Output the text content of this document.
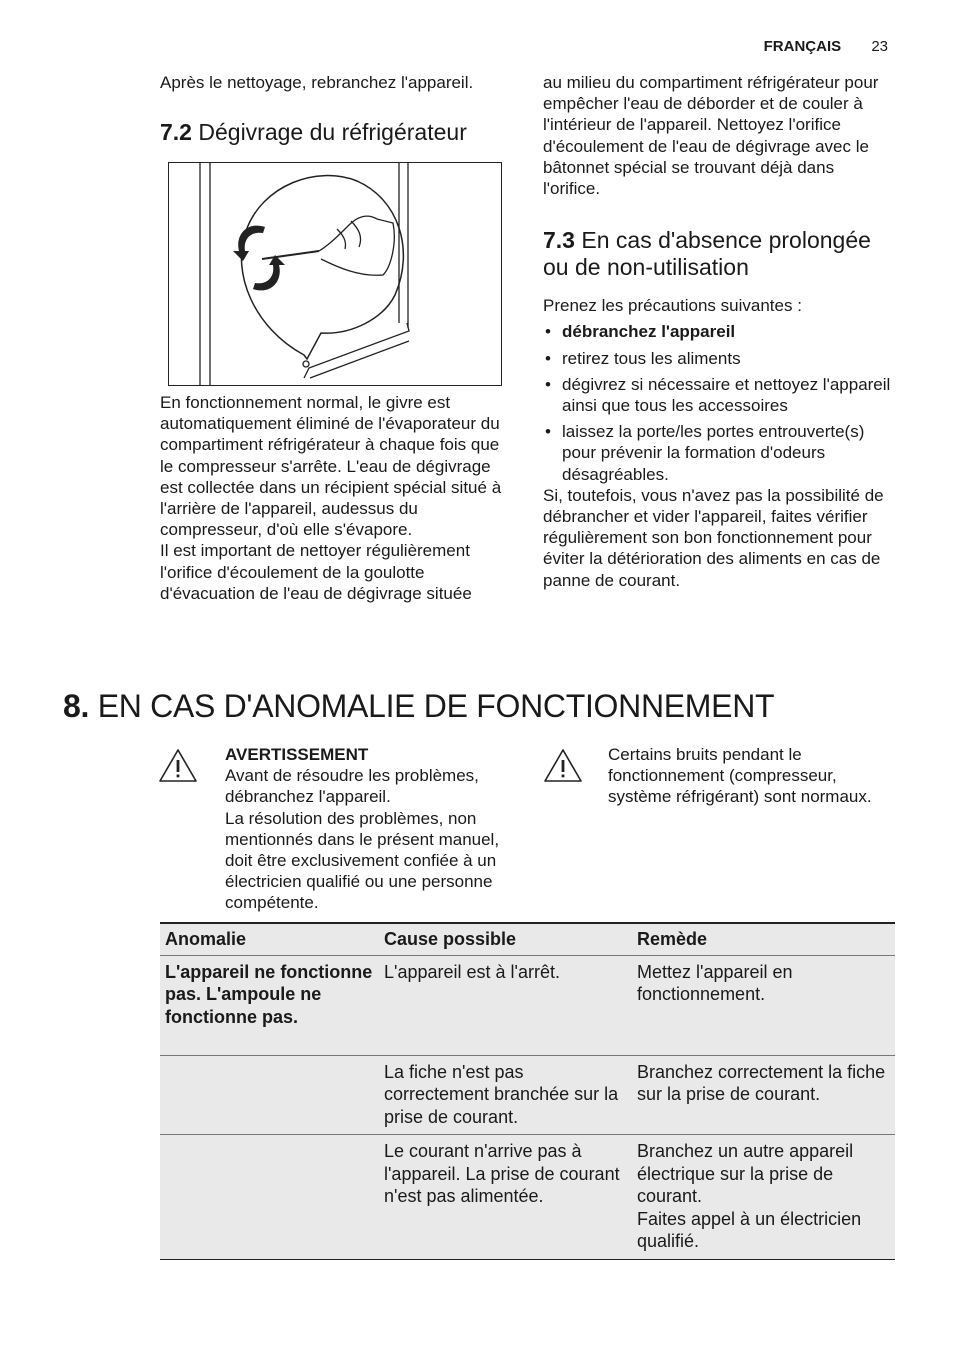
FRANÇAIS 23

Après le nettoyage, rebranchez l'appareil.

7.2 Dégivrage du réfrigérateur

En fonctionnement normal, le givre est automatiquement éliminé de l'évaporateur du compartiment réfrigérateur à chaque fois que le compresseur s'arrête. L'eau de dégivrage est collectée dans un récipient spécial situé à l'arrière de l'appareil, audessus du compresseur, d'où elle s'évapore.

Il est important de nettoyer régulièrement l'orifice d'écoulement de la goulotte d'évacuation de l'eau de dégivrage située

au milieu du compartiment réfrigérateur pour empêcher l'eau de déborder et de couler à l'intérieur de l'appareil. Nettoyez l'orifice d'écoulement de l'eau de dégivrage avec le bâtonnet spécial se trouvant déjà dans l'orifice.

7.3 En cas d'absence prolongée ou de non-utilisation

Prenez les précautions suivantes :

• débranchez l'appareil
• retirez tous les aliments
• dégivrez si nécessaire et nettoyez l'appareil ainsi que tous les accessoires
• laissez la porte/les portes entrouverte(s) pour prévenir la formation d'odeurs désagréables.

Si, toutefois, vous n'avez pas la possibilité de débrancher et vider l'appareil, faites vérifier régulièrement son bon fonctionnement pour éviter la détérioration des aliments en cas de panne de courant.

8. EN CAS D'ANOMALIE DE FONCTIONNEMENT

AVERTISSEMENT

Avant de résoudre les problèmes, débranchez l'appareil.

La résolution des problèmes, non mentionnés dans le présent manuel, doit être exclusivement confiée à un électricien qualifié ou une personne compétente.

Certains bruits pendant le fonctionnement (compresseur, système réfrigérant) sont normaux.

Anomalie	Cause possible	Remède
L'appareil ne fonctionne pas. L'ampoule ne fonctionne pas.	L'appareil est à l'arrêt.	Mettez l'appareil en fonctionnement.
	La fiche n'est pas correctement branchée sur la prise de courant.	Branchez correctement la fiche sur la prise de courant.
	Le courant n'arrive pas à l'appareil. La prise de courant n'est pas alimentée.	Branchez un autre appareil électrique sur la prise de courant.
Faites appel à un électricien qualifié.
